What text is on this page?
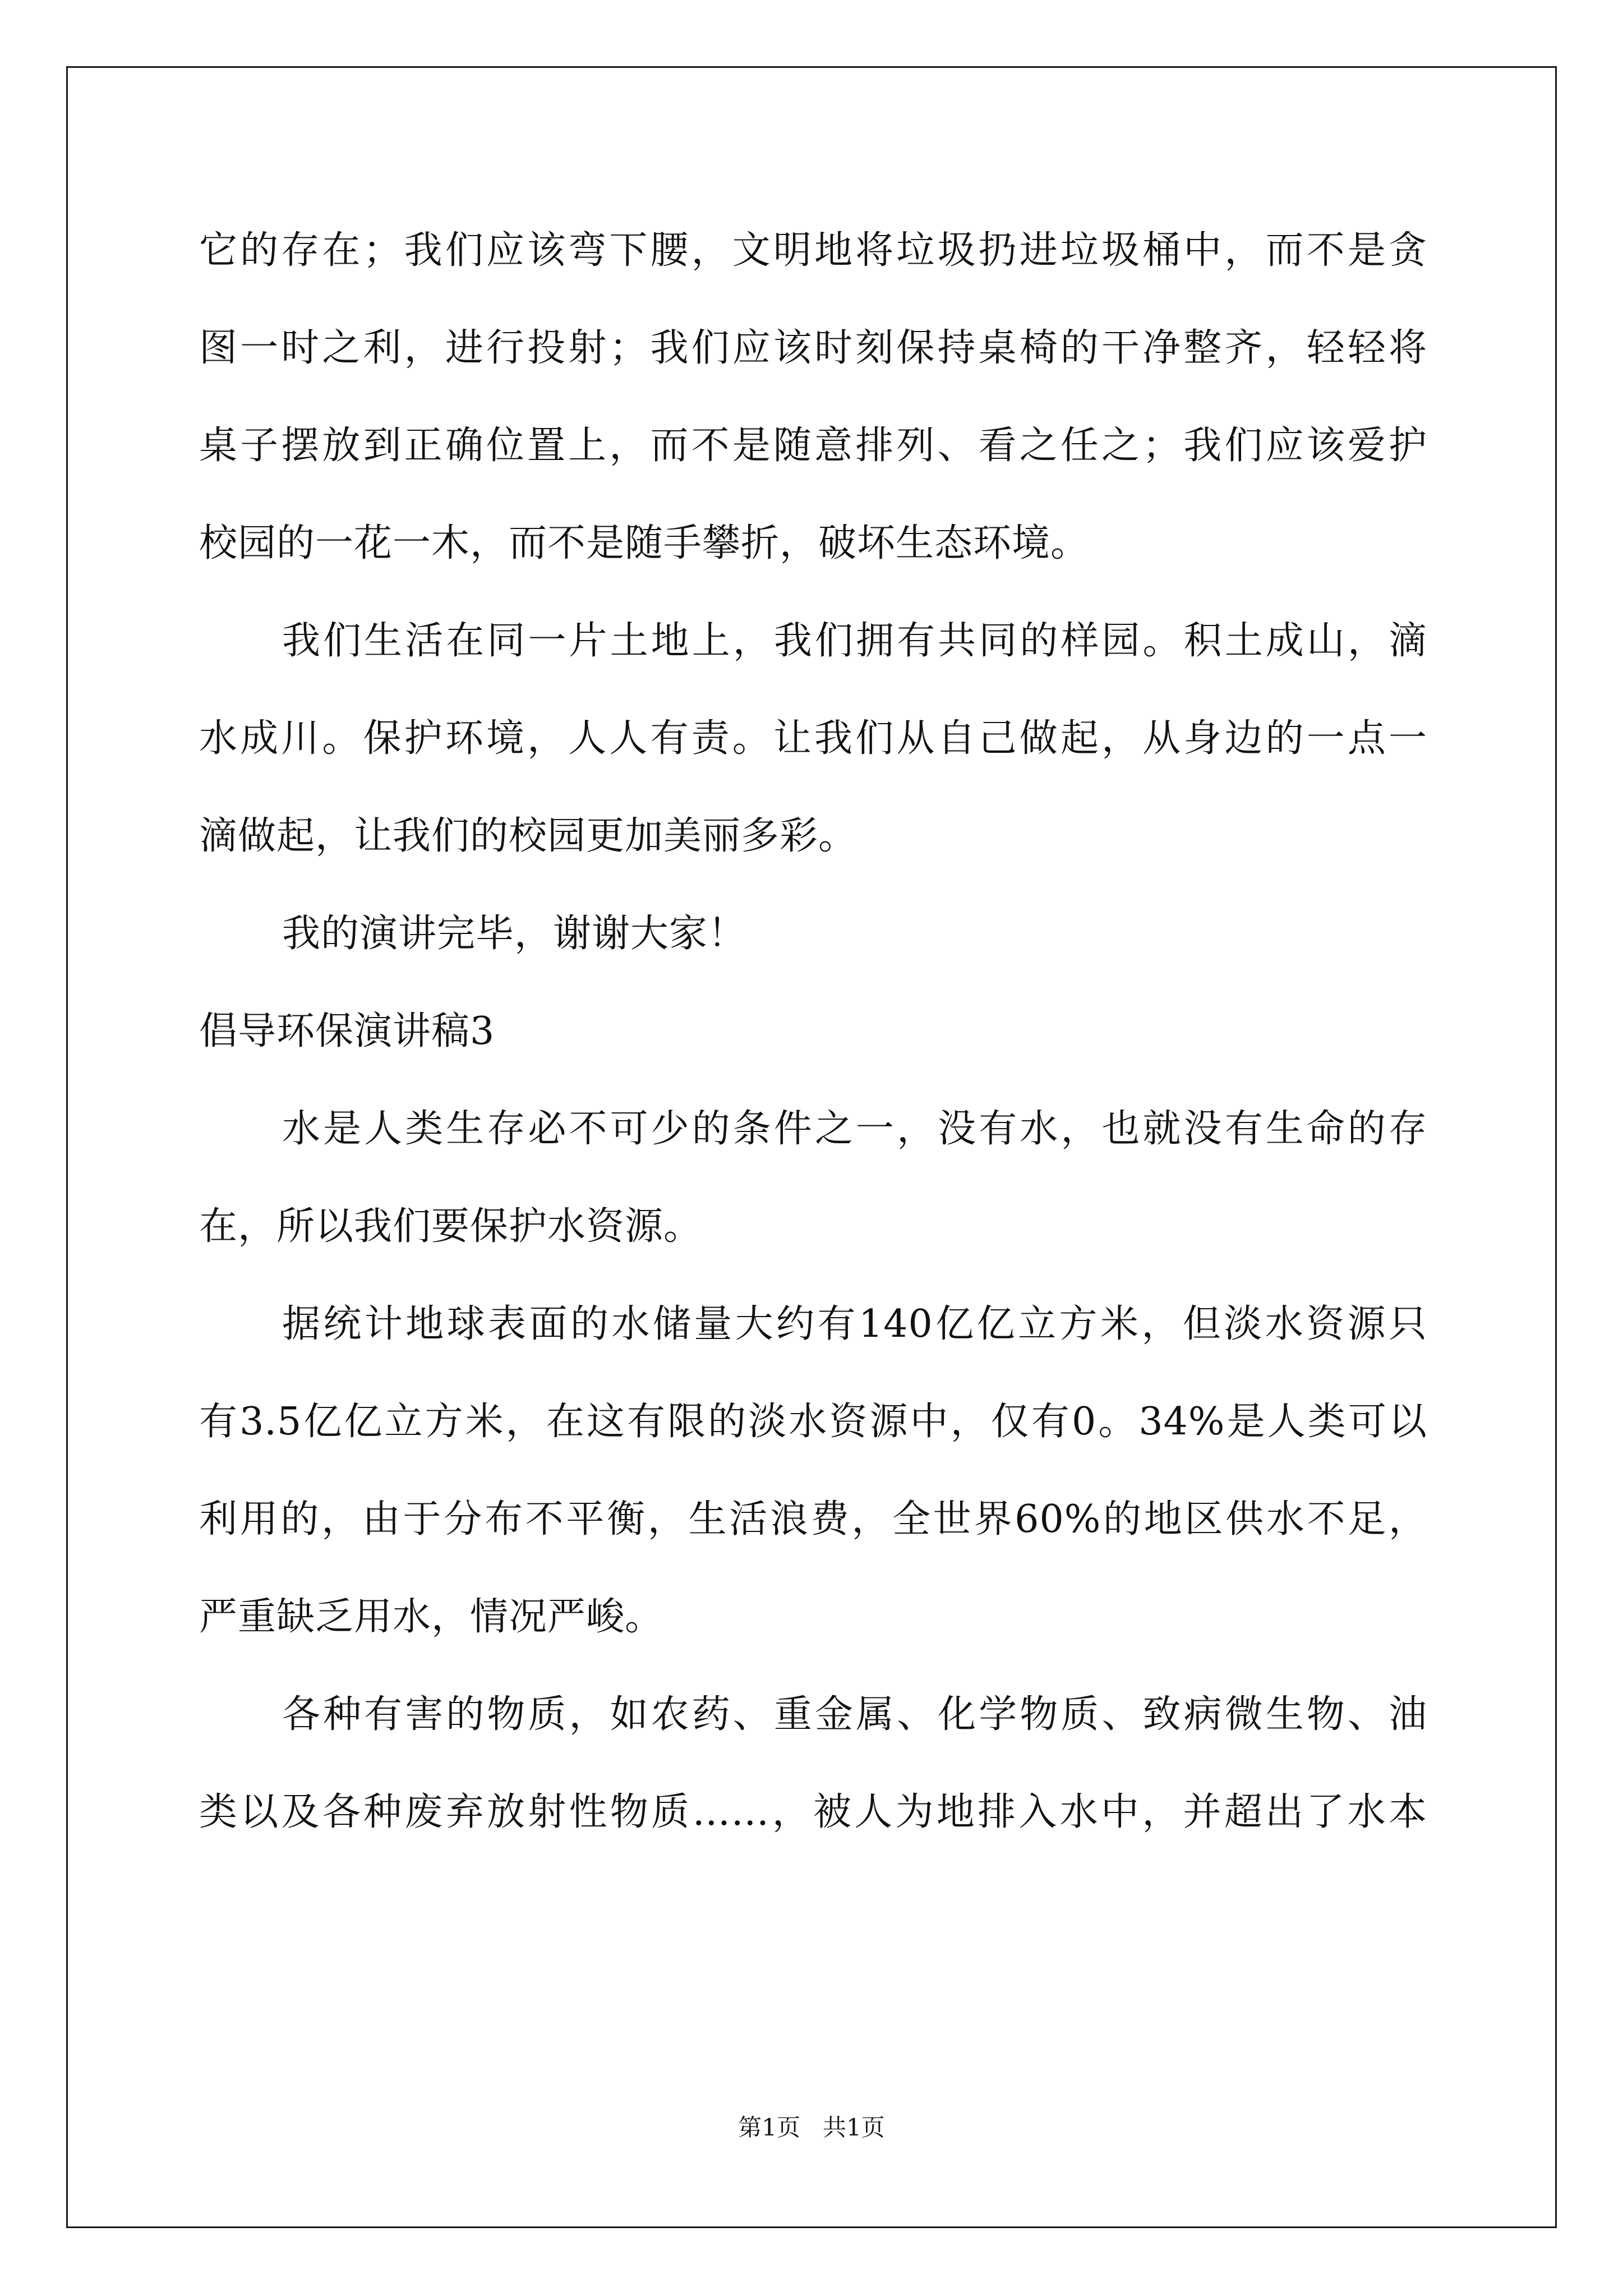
它的存在；我们应该弯下腰，文明地将垃圾扔进垃圾桶中，而不是贪
图一时之利，进行投射；我们应该时刻保持桌椅的干净整齐，轻轻将
桌子摆放到正确位置上，而不是随意排列、看之任之；我们应该爱护
校园的一花一木，而不是随手攀折，破坏生态环境。
我们生活在同一片土地上，我们拥有共同的样园。积土成山，滴
水成川。保护环境，人人有责。让我们从自己做起，从身边的一点一
滴做起，让我们的校园更加美丽多彩。
我的演讲完毕，谢谢大家！
倡导环保演讲稿3
水是人类生存必不可少的条件之一，没有水，也就没有生命的存
在，所以我们要保护水资源。
据统计地球表面的水储量大约有140亿亿立方米，但淡水资源只
有3.5亿亿立方米，在这有限的淡水资源中，仅有0。34%是人类可以
利用的，由于分布不平衡，生活浪费，全世界60%的地区供水不足，
严重缺乏用水，情况严峻。
各种有害的物质，如农药、重金属、化学物质、致病微生物、油
类以及各种废弃放射性物质……，被人为地排入水中，并超出了水本
第1页   共1页
